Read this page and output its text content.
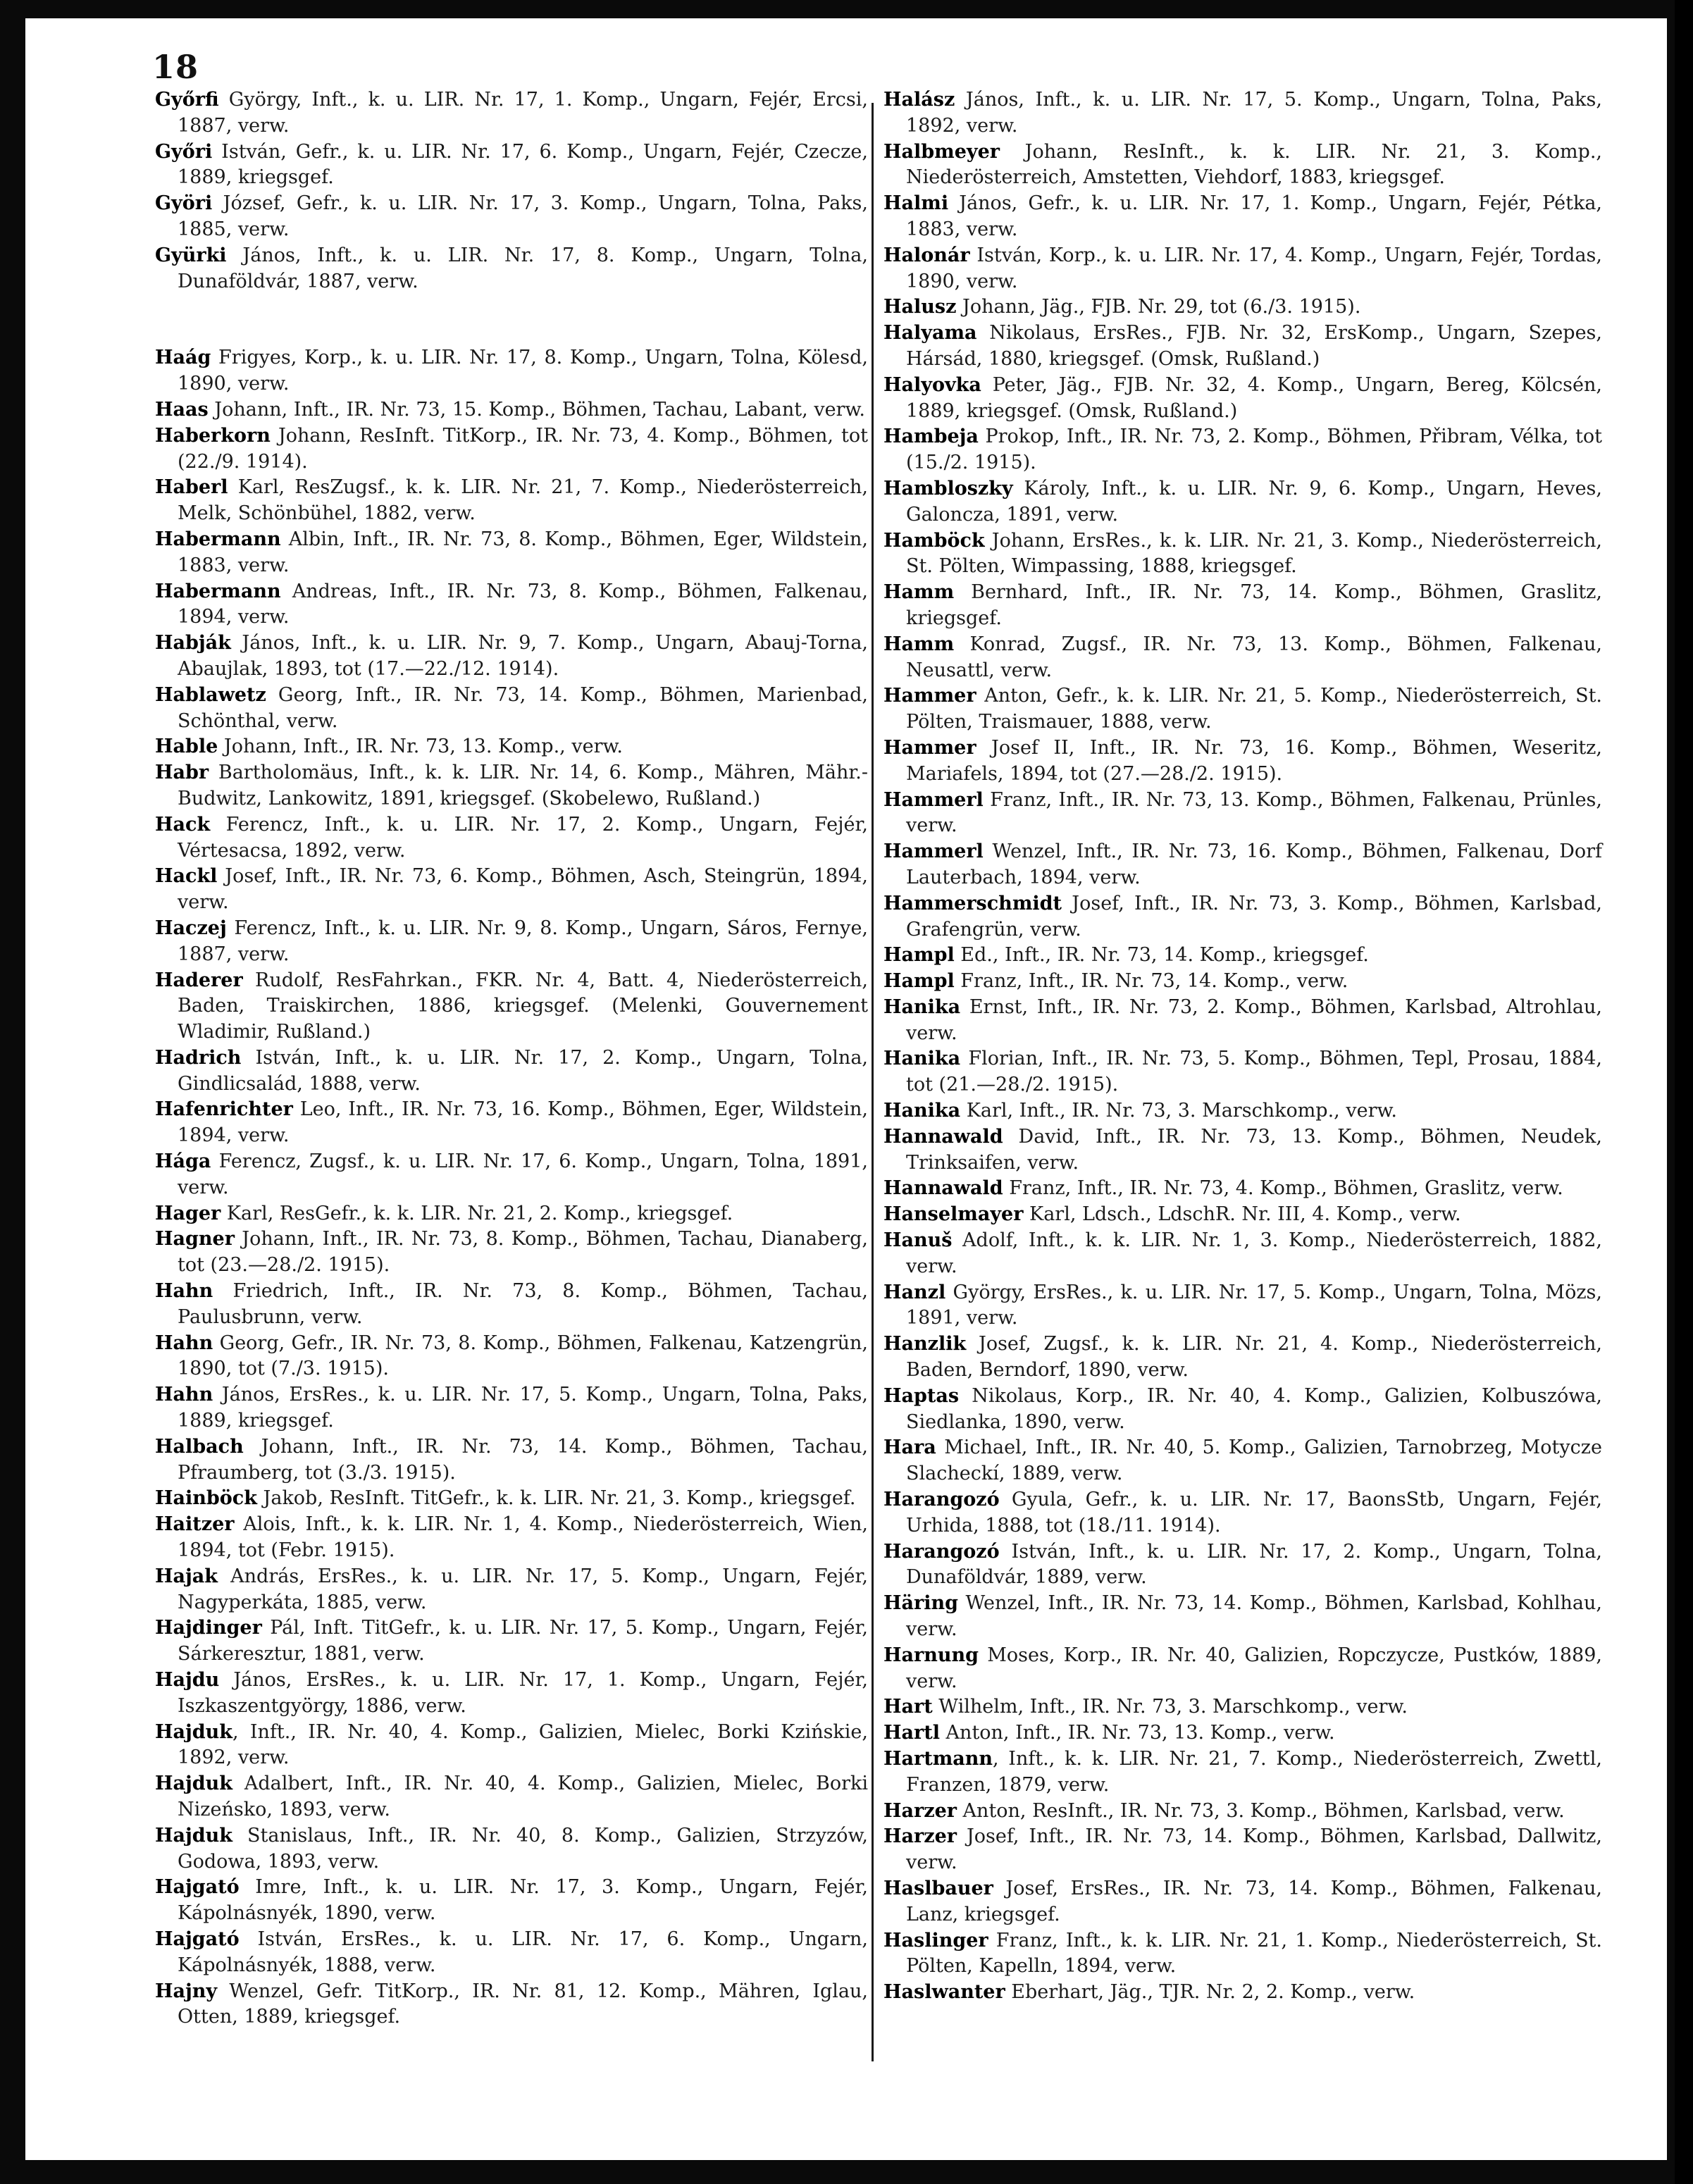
18

Győrfi György, Inft., k. u. LIR. Nr. 17, 1. Komp., Ungarn, Fejér, Ercsi, 1887, verw.

Győri István, Gefr., k. u. LIR. Nr. 17, 6. Komp., Ungarn, Fejér, Czecze, 1889, kriegsgef.

Györi József, Gefr., k. u. LIR. Nr. 17, 3. Komp., Ungarn, Tolna, Paks, 1885, verw.

Gyürki János, Inft., k. u. LIR. Nr. 17, 8. Komp., Ungarn, Tolna, Dunaföldvár, 1887, verw.

Haág Frigyes, Korp., k. u. LIR. Nr. 17, 8. Komp., Ungarn, Tolna, Kölesd, 1890, verw.

Haas Johann, Inft., IR. Nr. 73, 15. Komp., Böhmen, Tachau, Labant, verw.

Haberkorn Johann, ResInft. TitKorp., IR. Nr. 73, 4. Komp., Böhmen, tot (22./9. 1914).

Haberl Karl, ResZugsf., k. k. LIR. Nr. 21, 7. Komp., Niederösterreich, Melk, Schönbühel, 1882, verw.

Habermann Albin, Inft., IR. Nr. 73, 8. Komp., Böhmen, Eger, Wildstein, 1883, verw.

Habermann Andreas, Inft., IR. Nr. 73, 8. Komp., Böhmen, Falkenau, 1894, verw.

Habják János, Inft., k. u. LIR. Nr. 9, 7. Komp., Ungarn, Abauj-Torna, Abaujlak, 1893, tot (17.—22./12. 1914).

Hablawetz Georg, Inft., IR. Nr. 73, 14. Komp., Böhmen, Marienbad, Schönthal, verw.

Hable Johann, Inft., IR. Nr. 73, 13. Komp., verw.

Habr Bartholomäus, Inft., k. k. LIR. Nr. 14, 6. Komp., Mähren, Mähr.-Budwitz, Lankowitz, 1891, kriegsgef. (Skobelewo, Rußland.)

Hack Ferencz, Inft., k. u. LIR. Nr. 17, 2. Komp., Ungarn, Fejér, Vértesacsa, 1892, verw.

Hackl Josef, Inft., IR. Nr. 73, 6. Komp., Böhmen, Asch, Steingrün, 1894, verw.

Haczej Ferencz, Inft., k. u. LIR. Nr. 9, 8. Komp., Ungarn, Sáros, Fernye, 1887, verw.

Haderer Rudolf, ResFahrkan., FKR. Nr. 4, Batt. 4, Niederösterreich, Baden, Traiskirchen, 1886, kriegsgef. (Melenki, Gouvernement Wladimir, Rußland.)

Hadrich István, Inft., k. u. LIR. Nr. 17, 2. Komp., Ungarn, Tolna, Gindlicsalád, 1888, verw.

Hafenrichter Leo, Inft., IR. Nr. 73, 16. Komp., Böhmen, Eger, Wildstein, 1894, verw.

Hága Ferencz, Zugsf., k. u. LIR. Nr. 17, 6. Komp., Ungarn, Tolna, 1891, verw.

Hager Karl, ResGefr., k. k. LIR. Nr. 21, 2. Komp., kriegsgef.

Hagner Johann, Inft., IR. Nr. 73, 8. Komp., Böhmen, Tachau, Dianaberg, tot (23.—28./2. 1915).

Hahn Friedrich, Inft., IR. Nr. 73, 8. Komp., Böhmen, Tachau, Paulusbrunn, verw.

Hahn Georg, Gefr., IR. Nr. 73, 8. Komp., Böhmen, Falkenau, Katzengrün, 1890, tot (7./3. 1915).

Hahn János, ErsRes., k. u. LIR. Nr. 17, 5. Komp., Ungarn, Tolna, Paks, 1889, kriegsgef.

Halbach Johann, Inft., IR. Nr. 73, 14. Komp., Böhmen, Tachau, Pfraumberg, tot (3./3. 1915).

Hainböck Jakob, ResInft. TitGefr., k. k. LIR. Nr. 21, 3. Komp., kriegsgef.

Haitzer Alois, Inft., k. k. LIR. Nr. 1, 4. Komp., Niederösterreich, Wien, 1894, tot (Febr. 1915).

Hajak András, ErsRes., k. u. LIR. Nr. 17, 5. Komp., Ungarn, Fejér, Nagyperkáta, 1885, verw.

Hajdinger Pál, Inft. TitGefr., k. u. LIR. Nr. 17, 5. Komp., Ungarn, Fejér, Sárkeresztur, 1881, verw.

Hajdu János, ErsRes., k. u. LIR. Nr. 17, 1. Komp., Ungarn, Fejér, Iszkaszentgyörgy, 1886, verw.

Hajduk, Inft., IR. Nr. 40, 4. Komp., Galizien, Mielec, Borki Kzińskie, 1892, verw.

Hajduk Adalbert, Inft., IR. Nr. 40, 4. Komp., Galizien, Mielec, Borki Nizeńsko, 1893, verw.

Hajduk Stanislaus, Inft., IR. Nr. 40, 8. Komp., Galizien, Strzyzów, Godowa, 1893, verw.

Hajgató Imre, Inft., k. u. LIR. Nr. 17, 3. Komp., Ungarn, Fejér, Kápolnásnyék, 1890, verw.

Hajgató István, ErsRes., k. u. LIR. Nr. 17, 6. Komp., Ungarn, Kápolnásnyék, 1888, verw.

Hajny Wenzel, Gefr. TitKorp., IR. Nr. 81, 12. Komp., Mähren, Iglau, Otten, 1889, kriegsgef.

Halász János, Inft., k. u. LIR. Nr. 17, 5. Komp., Ungarn, Tolna, Paks, 1892, verw.

Halbmeyer Johann, ResInft., k. k. LIR. Nr. 21, 3. Komp., Niederösterreich, Amstetten, Viehdorf, 1883, kriegsgef.

Halmi János, Gefr., k. u. LIR. Nr. 17, 1. Komp., Ungarn, Fejér, Pétka, 1883, verw.

Halonár István, Korp., k. u. LIR. Nr. 17, 4. Komp., Ungarn, Fejér, Tordas, 1890, verw.

Halusz Johann, Jäg., FJB. Nr. 29, tot (6./3. 1915).

Halyama Nikolaus, ErsRes., FJB. Nr. 32, ErsKomp., Ungarn, Szepes, Hársád, 1880, kriegsgef. (Omsk, Rußland.)

Halyovka Peter, Jäg., FJB. Nr. 32, 4. Komp., Ungarn, Bereg, Kölcsén, 1889, kriegsgef. (Omsk, Rußland.)

Hambeja Prokop, Inft., IR. Nr. 73, 2. Komp., Böhmen, Přibram, Vélka, tot (15./2. 1915).

Hambloszky Károly, Inft., k. u. LIR. Nr. 9, 6. Komp., Ungarn, Heves, Galoncza, 1891, verw.

Hamböck Johann, ErsRes., k. k. LIR. Nr. 21, 3. Komp., Niederösterreich, St. Pölten, Wimpassing, 1888, kriegsgef.

Hamm Bernhard, Inft., IR. Nr. 73, 14. Komp., Böhmen, Graslitz, kriegsgef.

Hamm Konrad, Zugsf., IR. Nr. 73, 13. Komp., Böhmen, Falkenau, Neusattl, verw.

Hammer Anton, Gefr., k. k. LIR. Nr. 21, 5. Komp., Niederösterreich, St. Pölten, Traismauer, 1888, verw.

Hammer Josef II, Inft., IR. Nr. 73, 16. Komp., Böhmen, Weseritz, Mariafels, 1894, tot (27.—28./2. 1915).

Hammerl Franz, Inft., IR. Nr. 73, 13. Komp., Böhmen, Falkenau, Prünles, verw.

Hammerl Wenzel, Inft., IR. Nr. 73, 16. Komp., Böhmen, Falkenau, Dorf Lauterbach, 1894, verw.

Hammerschmidt Josef, Inft., IR. Nr. 73, 3. Komp., Böhmen, Karlsbad, Grafengrün, verw.

Hampl Ed., Inft., IR. Nr. 73, 14. Komp., kriegsgef.

Hampl Franz, Inft., IR. Nr. 73, 14. Komp., verw.

Hanika Ernst, Inft., IR. Nr. 73, 2. Komp., Böhmen, Karlsbad, Altrohlau, verw.

Hanika Florian, Inft., IR. Nr. 73, 5. Komp., Böhmen, Tepl, Prosau, 1884, tot (21.—28./2. 1915).

Hanika Karl, Inft., IR. Nr. 73, 3. Marschkomp., verw.

Hannawald David, Inft., IR. Nr. 73, 13. Komp., Böhmen, Neudek, Trinksaifen, verw.

Hannawald Franz, Inft., IR. Nr. 73, 4. Komp., Böhmen, Graslitz, verw.

Hanselmayer Karl, Ldsch., LdschR. Nr. III, 4. Komp., verw.

Hanuš Adolf, Inft., k. k. LIR. Nr. 1, 3. Komp., Niederösterreich, 1882, verw.

Hanzl György, ErsRes., k. u. LIR. Nr. 17, 5. Komp., Ungarn, Tolna, Mözs, 1891, verw.

Hanzlik Josef, Zugsf., k. k. LIR. Nr. 21, 4. Komp., Niederösterreich, Baden, Berndorf, 1890, verw.

Haptas Nikolaus, Korp., IR. Nr. 40, 4. Komp., Galizien, Kolbuszówa, Siedlanka, 1890, verw.

Hara Michael, Inft., IR. Nr. 40, 5. Komp., Galizien, Tarnobrzeg, Motycze Slacheckí, 1889, verw.

Harangozó Gyula, Gefr., k. u. LIR. Nr. 17, BaonsStb, Ungarn, Fejér, Urhida, 1888, tot (18./11. 1914).

Harangozó István, Inft., k. u. LIR. Nr. 17, 2. Komp., Ungarn, Tolna, Dunaföldvár, 1889, verw.

Häring Wenzel, Inft., IR. Nr. 73, 14. Komp., Böhmen, Karlsbad, Kohlhau, verw.

Harnung Moses, Korp., IR. Nr. 40, Galizien, Ropczycze, Pustków, 1889, verw.

Hart Wilhelm, Inft., IR. Nr. 73, 3. Marschkomp., verw.

Hartl Anton, Inft., IR. Nr. 73, 13. Komp., verw.

Hartmann, Inft., k. k. LIR. Nr. 21, 7. Komp., Niederösterreich, Zwettl, Franzen, 1879, verw.

Harzer Anton, ResInft., IR. Nr. 73, 3. Komp., Böhmen, Karlsbad, verw.

Harzer Josef, Inft., IR. Nr. 73, 14. Komp., Böhmen, Karlsbad, Dallwitz, verw.

Haslbauer Josef, ErsRes., IR. Nr. 73, 14. Komp., Böhmen, Falkenau, Lanz, kriegsgef.

Haslinger Franz, Inft., k. k. LIR. Nr. 21, 1. Komp., Niederösterreich, St. Pölten, Kapelln, 1894, verw.

Haslwanter Eberhart, Jäg., TJR. Nr. 2, 2. Komp., verw.
